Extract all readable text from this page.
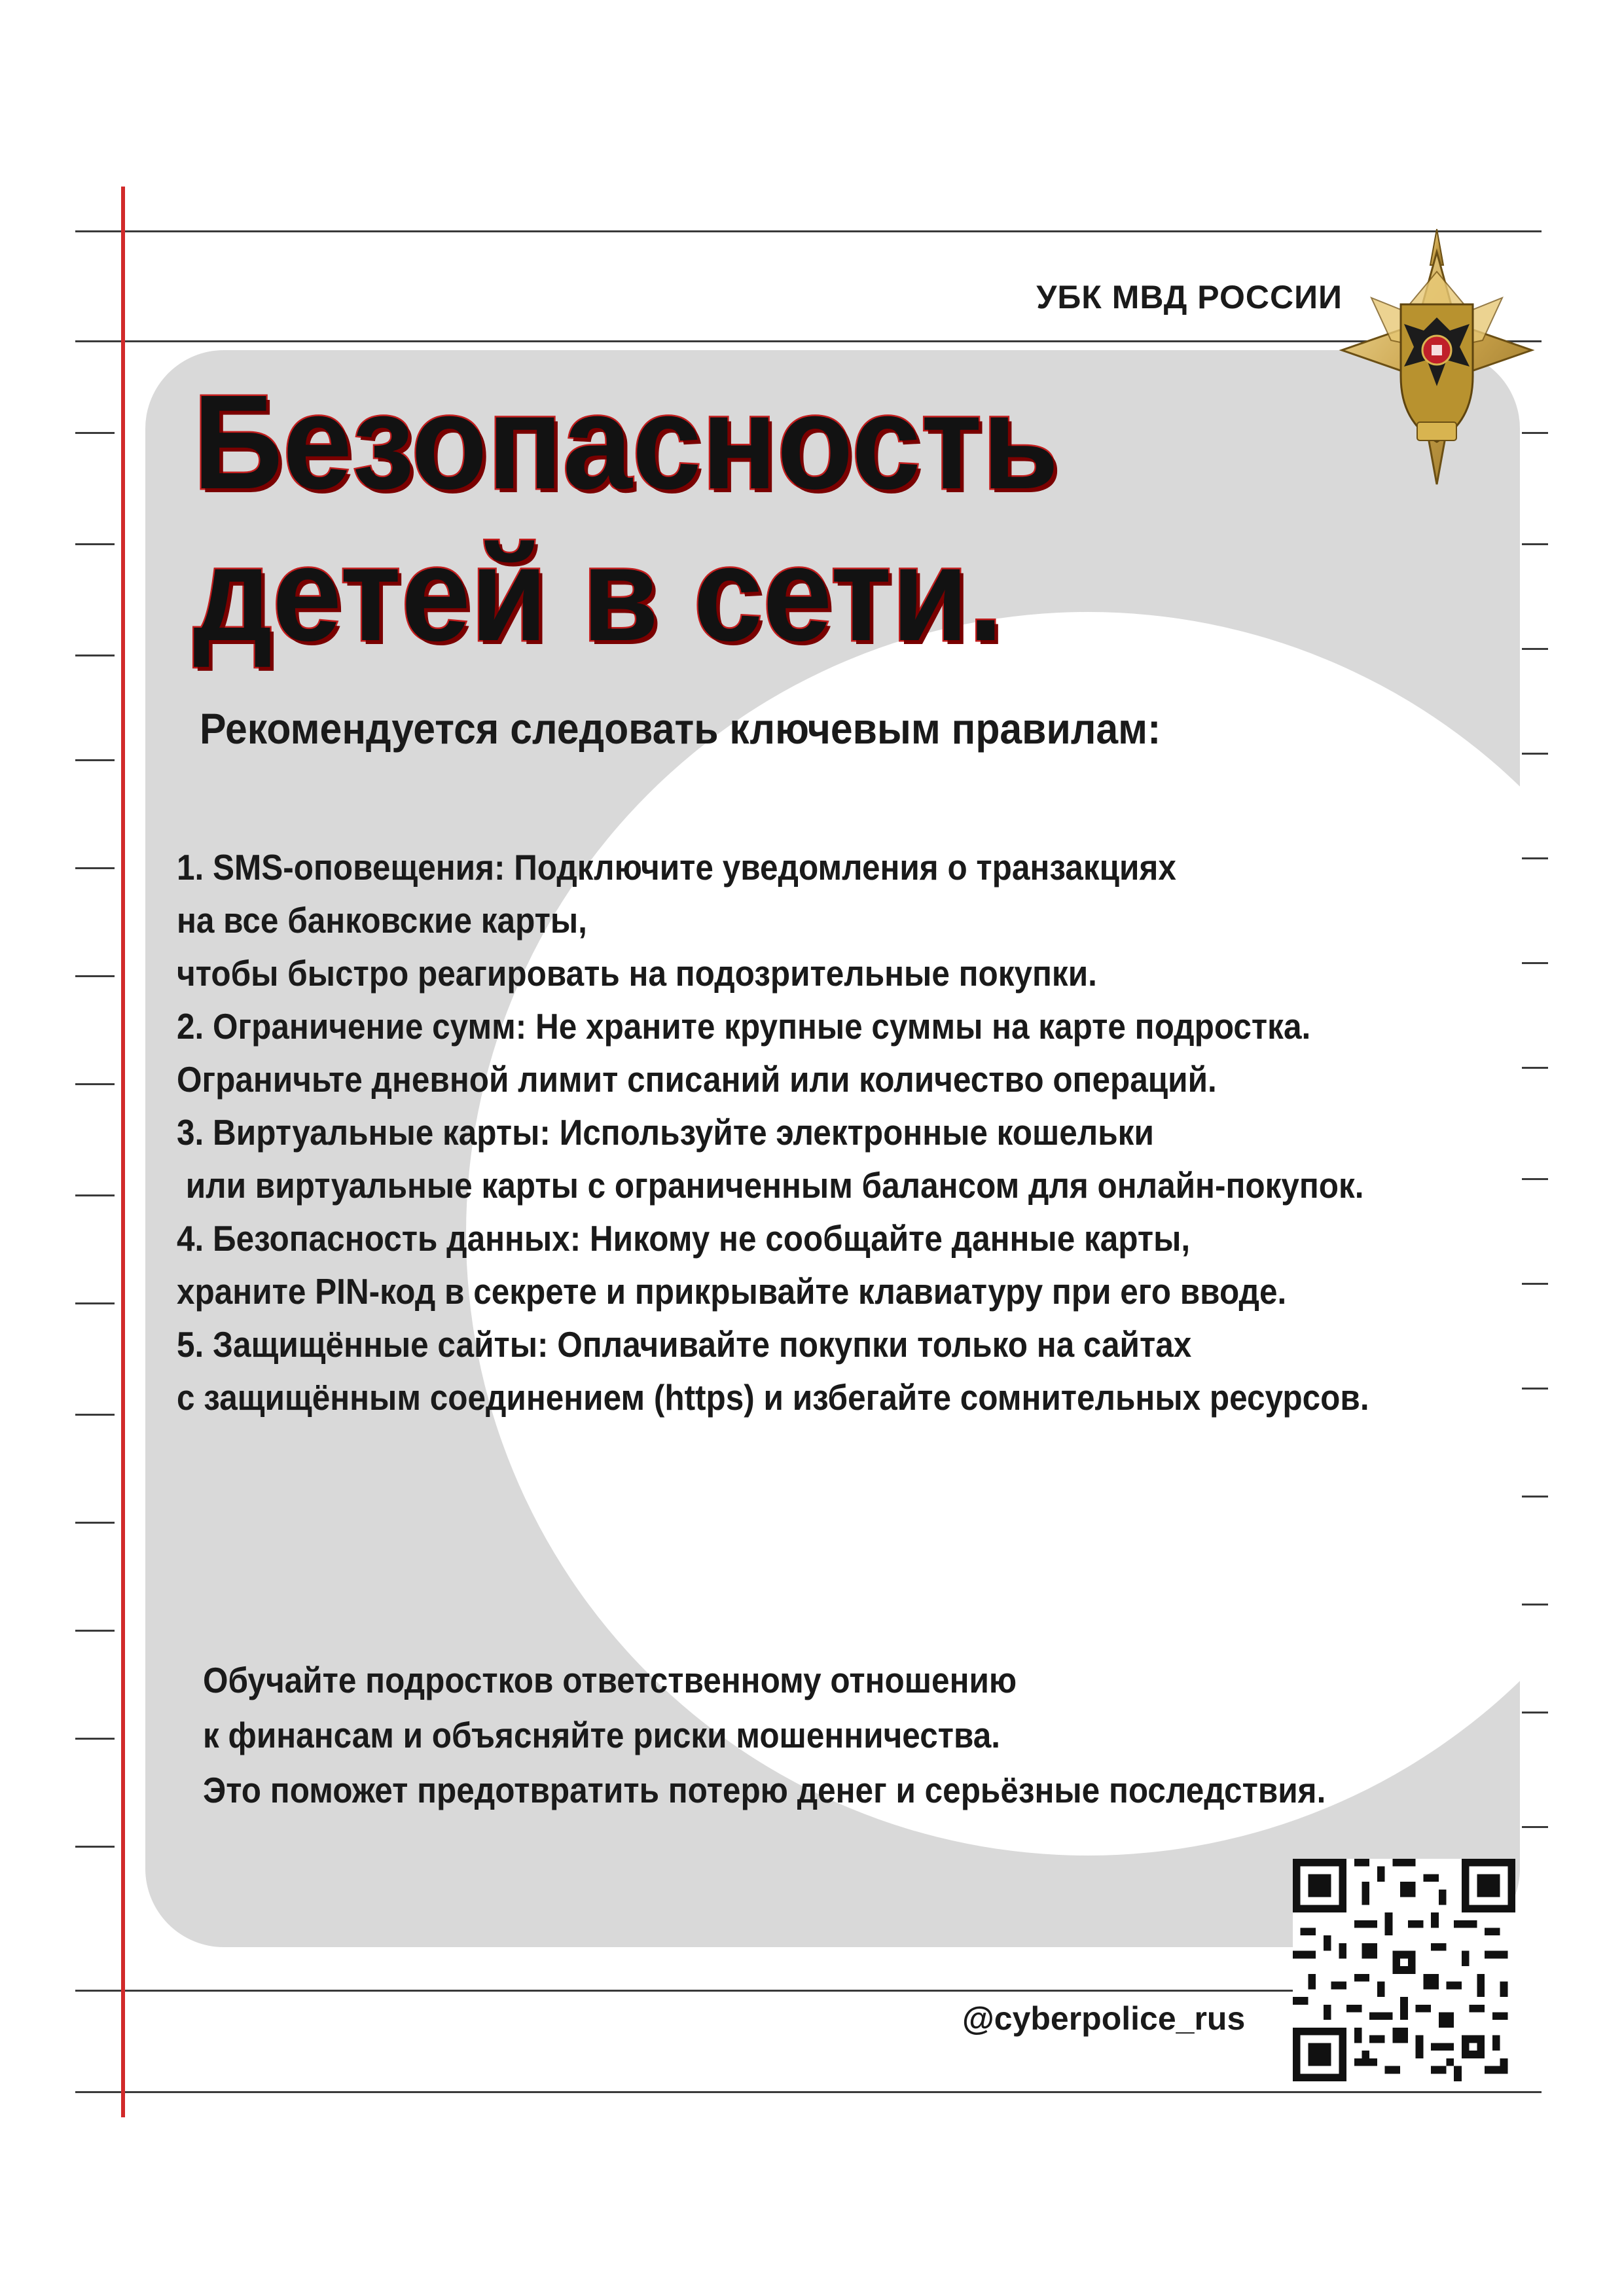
УБК МВД РОССИИ
Безопасность
детей в сети.
Рекомендуется следовать ключевым правилам:
1. SMS-оповещения: Подключите уведомления о транзакциях
на все банковские карты,
чтобы быстро реагировать на подозрительные покупки.
2. Ограничение сумм: Не храните крупные суммы на карте подростка.
Ограничьте дневной лимит списаний или количество операций.
3. Виртуальные карты: Используйте электронные кошельки
или виртуальные карты с ограниченным балансом для онлайн-покупок.
4. Безопасность данных: Никому не сообщайте данные карты,
храните PIN-код в секрете и прикрывайте клавиатуру при его вводе.
5. Защищённые сайты: Оплачивайте покупки только на сайтах
с защищённым соединением (https) и избегайте сомнительных ресурсов.
Обучайте подростков ответственному отношению
к финансам и объясняйте риски мошенничества.
Это поможет предотвратить потерю денег и серьёзные последствия.
@cyberpolice_rus
